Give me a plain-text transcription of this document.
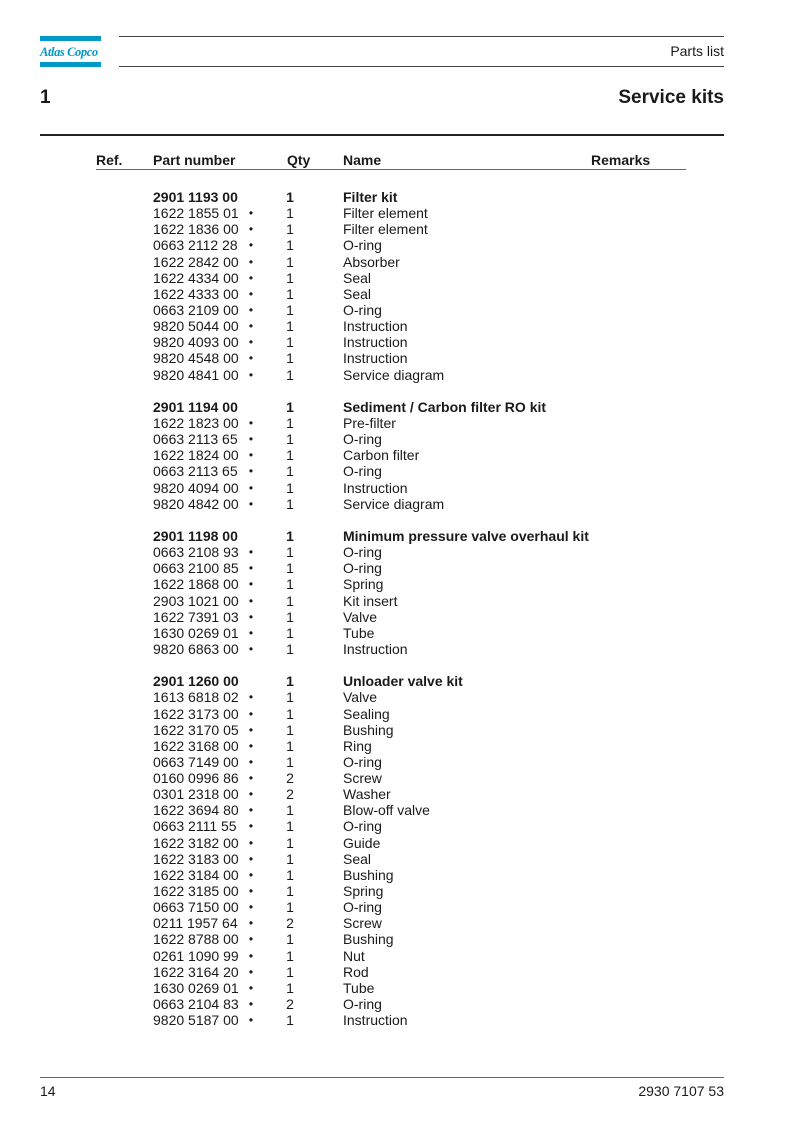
Atlas Copco	Parts list
1	Service kits
Ref. Part number	Qty Name	Remarks
2901 1193 00	1	Filter kit
1622 1855 01 • 1	Filter element
1622 1836 00 • 1	Filter element
0663 2112 28 • 1	O-ring
1622 2842 00 • 1	Absorber
1622 4334 00 • 1	Seal
1622 4333 00 • 1	Seal
0663 2109 00 • 1	O-ring
9820 5044 00 • 1	Instruction
9820 4093 00 • 1	Instruction
9820 4548 00 • 1	Instruction
9820 4841 00 • 1	Service diagram
2901 1194 00	1	Sediment / Carbon filter RO kit
1622 1823 00 • 1	Pre-filter
0663 2113 65 • 1	O-ring
1622 1824 00 • 1	Carbon filter
0663 2113 65 • 1	O-ring
9820 4094 00 • 1	Instruction
9820 4842 00 • 1	Service diagram
2901 1198 00	1	Minimum pressure valve overhaul kit
0663 2108 93 • 1	O-ring
0663 2100 85 • 1	O-ring
1622 1868 00 • 1	Spring
2903 1021 00 • 1	Kit insert
1622 7391 03 • 1	Valve
1630 0269 01 • 1	Tube
9820 6863 00 • 1	Instruction
2901 1260 00	1	Unloader valve kit
1613 6818 02 • 1	Valve
1622 3173 00 • 1	Sealing
1622 3170 05 • 1	Bushing
1622 3168 00 • 1	Ring
0663 7149 00 • 1	O-ring
0160 0996 86 • 2	Screw
0301 2318 00 • 2	Washer
1622 3694 80 • 1	Blow-off valve
0663 2111 55	• 1	O-ring
1622 3182 00 • 1	Guide
1622 3183 00 • 1	Seal
1622 3184 00 • 1	Bushing
1622 3185 00 • 1	Spring
0663 7150 00 • 1	O-ring
0211 1957 64 • 2	Screw
1622 8788 00 • 1	Bushing
0261 1090 99 • 1	Nut
1622 3164 20 • 1	Rod
1630 0269 01 • 1	Tube
0663 2104 83 • 2	O-ring
9820 5187 00 • 1	Instruction
14	2930 7107 53
